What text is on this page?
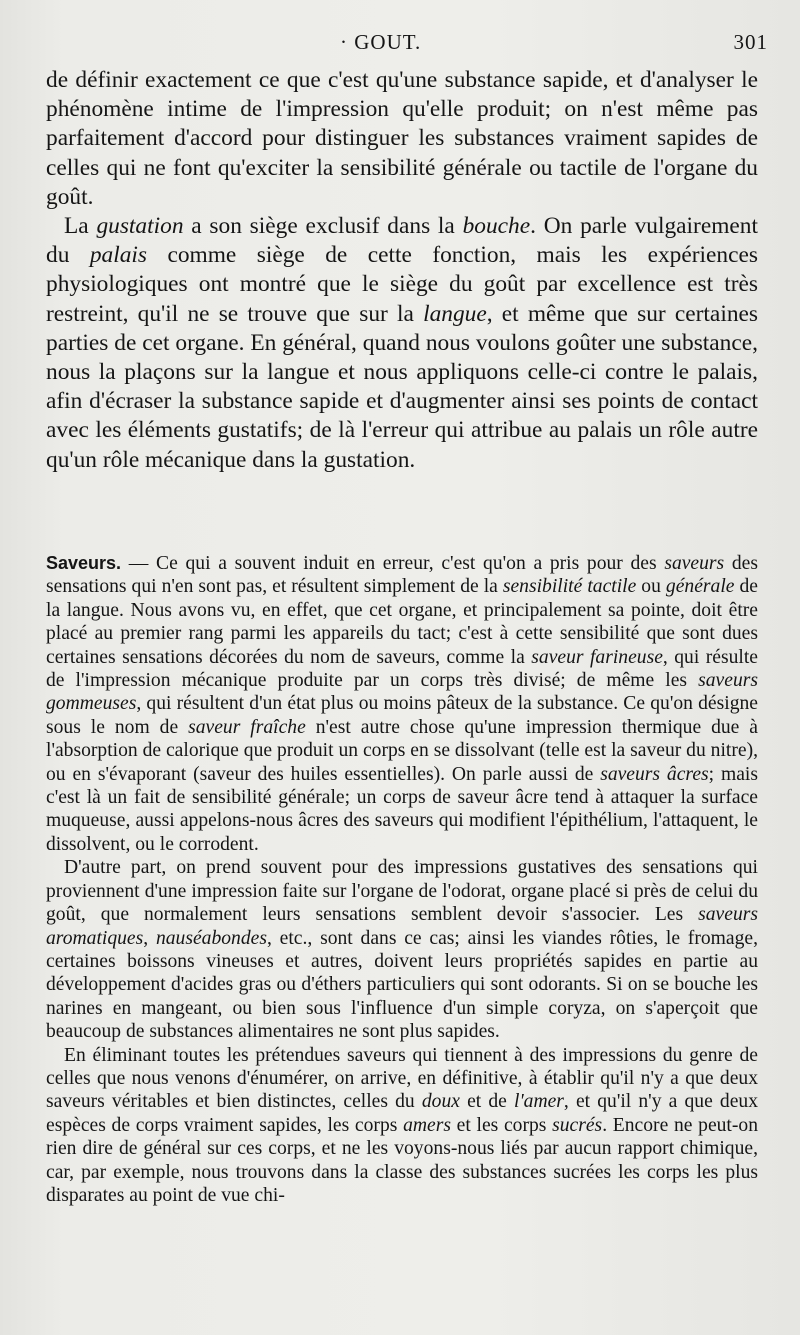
· GOUT.	301

de définir exactement ce que c'est qu'une substance sapide, et d'analyser le phénomène intime de l'impression qu'elle produit; on n'est même pas parfaitement d'accord pour distinguer les substances vraiment sapides de celles qui ne font qu'exciter la sensibilité générale ou tactile de l'organe du goût.

La gustation a son siège exclusif dans la bouche. On parle vulgairement du palais comme siège de cette fonction, mais les expériences physiologiques ont montré que le siège du goût par excellence est très restreint, qu'il ne se trouve que sur la langue, et même que sur certaines parties de cet organe. En général, quand nous voulons goûter une substance, nous la plaçons sur la langue et nous appliquons celle-ci contre le palais, afin d'écraser la substance sapide et d'augmenter ainsi ses points de contact avec les éléments gustatifs; de là l'erreur qui attribue au palais un rôle autre qu'un rôle mécanique dans la gustation.

Saveurs. — Ce qui a souvent induit en erreur, c'est qu'on a pris pour des saveurs des sensations qui n'en sont pas, et résultent simplement de la sensibilité tactile ou générale de la langue. Nous avons vu, en effet, que cet organe, et principalement sa pointe, doit être placé au premier rang parmi les appareils du tact; c'est à cette sensibilité que sont dues certaines sensations décorées du nom de saveurs, comme la saveur farineuse, qui résulte de l'impression mécanique produite par un corps très divisé; de même les saveurs gommeuses, qui résultent d'un état plus ou moins pâteux de la substance. Ce qu'on désigne sous le nom de saveur fraîche n'est autre chose qu'une impression thermique due à l'absorption de calorique que produit un corps en se dissolvant (telle est la saveur du nitre), ou en s'évaporant (saveur des huiles essentielles). On parle aussi de saveurs âcres; mais c'est là un fait de sensibilité générale; un corps de saveur âcre tend à attaquer la surface muqueuse, aussi appelons-nous âcres des saveurs qui modifient l'épithélium, l'attaquent, le dissolvent, ou le corrodent.

D'autre part, on prend souvent pour des impressions gustatives des sensations qui proviennent d'une impression faite sur l'organe de l'odorat, organe placé si près de celui du goût, que normalement leurs sensations semblent devoir s'associer. Les saveurs aromatiques, nauséabondes, etc., sont dans ce cas; ainsi les viandes rôties, le fromage, certaines boissons vineuses et autres, doivent leurs propriétés sapides en partie au développement d'acides gras ou d'éthers particuliers qui sont odorants. Si on se bouche les narines en mangeant, ou bien sous l'influence d'un simple coryza, on s'aperçoit que beaucoup de substances alimentaires ne sont plus sapides.

En éliminant toutes les prétendues saveurs qui tiennent à des impressions du genre de celles que nous venons d'énumérer, on arrive, en définitive, à établir qu'il n'y a que deux saveurs véritables et bien distinctes, celles du doux et de l'amer, et qu'il n'y a que deux espèces de corps vraiment sapides, les corps amers et les corps sucrés. Encore ne peut-on rien dire de général sur ces corps, et ne les voyons-nous liés par aucun rapport chimique, car, par exemple, nous trouvons dans la classe des substances sucrées les corps les plus disparates au point de vue chi-
